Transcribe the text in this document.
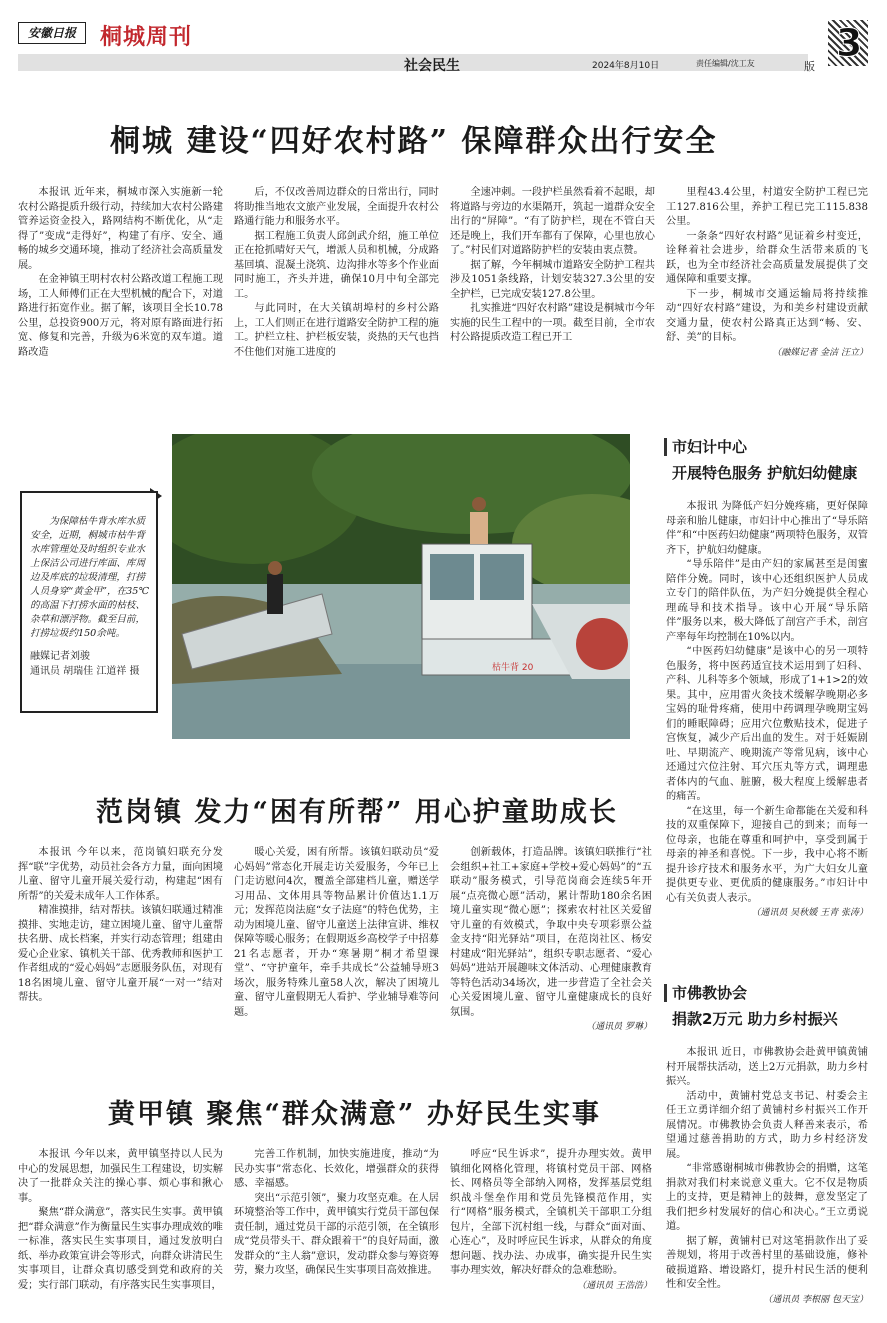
安徽日报	桐城周刊
社会民生	2024年8月10日	责任编辑/沈工友	版
3
桐城 建设“四好农村路” 保障群众出行安全

本报讯 近年来，桐城市深入实施新一轮农村公路提质升级行动，持续加大农村公路建管养运资金投入，路网结构不断优化，从“走得了”变成“走得好”，构建了有序、安全、通畅的城乡交通环境，推动了经济社会高质量发展。

在金神镇王明村农村公路改道工程施工现场，工人师傅们正在大型机械的配合下，对道路进行拓宽作业。据了解，该项目全长10.78公里，总投资900万元，将对原有路面进行拓宽、修复和完善，升级为6米宽的双车道。道路改造

后，不仅改善周边群众的日常出行，同时将助推当地农文旅产业发展，全面提升农村公路通行能力和服务水平。

据工程施工负责人邱剑武介绍，施工单位正在抢抓晴好天气，增派人员和机械，分成路基回填、混凝土浇筑、边沟排水等多个作业面同时施工，齐头并进，确保10月中旬全部完工。

与此同时，在大关镇胡埠村的乡村公路上，工人们则正在进行道路安全防护工程的施工。护栏立柱、护栏板安装，炎热的天气也挡不住他们对施工进度的

全速冲刺。一段护栏虽然看着不起眼，却将道路与旁边的水渠隔开，筑起一道群众安全出行的“屏障”。“有了防护栏，现在不管白天还是晚上，我们开车都有了保障，心里也放心了。”村民们对道路防护栏的安装由衷点赞。

据了解，今年桐城市道路安全防护工程共涉及1051条线路，计划安装327.3公里的安全护栏，已完成安装127.8公里。

扎实推进“四好农村路”建设是桐城市今年实施的民生工程中的一项。截至目前，全市农村公路提质改造工程已开工

里程43.4公里，村道安全防护工程已完工127.816公里，养护工程已完工115.838公里。

一条条“四好农村路”见证着乡村变迁，诠释着社会进步，给群众生活带来质的飞跃，也为全市经济社会高质量发展提供了交通保障和重要支撑。

下一步，桐城市交通运输局将持续推动“四好农村路”建设，为和美乡村建设贡献交通力量，使农村公路真正达到“畅、安、舒、美”的目标。

（融媒记者 金洁 汪立）
枯牛背 20

为保障枯牛背水库水质安全，近期，桐城市枯牛背水库管理处及时组织专业水上保洁公司进行库面、库周边及库底的垃圾清理，打捞人员身穿“黄金甲”，在35℃的高温下打捞水面的枯枝、杂草和漂浮物。截至目前，打捞垃圾约150余吨。

融媒记者刘骏
通讯员 胡瑞佳 江道祥 摄
范岗镇 发力“困有所帮” 用心护童助成长

本报讯 今年以来，范岗镇妇联充分发挥“联”字优势，动员社会各方力量，面向困境儿童、留守儿童开展关爱行动，构建起“困有所帮”的关爱未成年人工作体系。

精准摸排，结对帮扶。该镇妇联通过精准摸排、实地走访，建立困境儿童、留守儿童帮扶名册、成长档案，并实行动态管理；组建由爱心企业家、镇机关干部、优秀教师和医护工作者组成的“爱心妈妈”志愿服务队伍，对现有18名困境儿童、留守儿童开展“一对一”结对帮扶。

暖心关爱，困有所帮。该镇妇联动员“爱心妈妈”常态化开展走访关爱服务，今年已上门走访慰问4次，覆盖全部建档儿童，赠送学习用品、文体用具等物品累计价值达1.1万元；发挥范岗法庭“女子法庭”的特色优势，主动为困境儿童、留守儿童送上法律宣讲、维权保障等暖心服务；在假期返乡高校学子中招募21名志愿者，开办“寒暑期”桐才希望课堂”、“守护童年，牵手共成长”公益辅导班3场次，服务特殊儿童58人次，解决了困境儿童、留守儿童假期无人看护、学业辅导难等问题。

创新载体，打造品牌。该镇妇联推行“社会组织+社工+家庭+学校+爱心妈妈”的“五联动”服务模式，引导范岗商会连续5年开展“点亮微心愿”活动，累计帮助180余名困境儿童实现“微心愿”；探索农村社区关爱留守儿童的有效模式，争取中央专项彩票公益金支持“阳光驿站”项目，在范岗社区、杨安村建成“阳光驿站”，组织专职志愿者、“爱心妈妈”进站开展趣味文体活动、心理健康教育等特色活动34场次，进一步营造了全社会关心关爱困境儿童、留守儿童健康成长的良好氛围。

（通讯员 罗琳）
黄甲镇 聚焦“群众满意” 办好民生实事

本报讯 今年以来，黄甲镇坚持以人民为中心的发展思想，加强民生工程建设，切实解决了一批群众关注的操心事、烦心事和揪心事。

聚焦“群众满意”，落实民生实事。黄甲镇把“群众满意”作为衡量民生实事办理成效的唯一标准，落实民生实事项目，通过发放明白纸、举办政策宣讲会等形式，向群众讲清民生实事项目，让群众真切感受到党和政府的关爱；实行部门联动，有序落实民生实事项目，

完善工作机制，加快实施进度，推动“为民办实事”常态化、长效化，增强群众的获得感、幸福感。

突出“示范引领”，聚力攻坚克难。在人居环境整治等工作中，黄甲镇实行党员干部包保责任制，通过党员干部的示范引领，在全镇形成“党员带头干、群众跟着干”的良好局面，激发群众的“主人翁”意识，发动群众参与筹资筹劳，聚力攻坚，确保民生实事项目高效推进。

呼应“民生诉求”，提升办理实效。黄甲镇细化网格化管理，将镇村党员干部、网格长、网格员等全部纳入网格，发挥基层党组织战斗堡垒作用和党员先锋模范作用，实行“网格”服务模式，全镇机关干部职工分组包片，全部下沉村组一线，与群众“面对面、心连心”，及时呼应民生诉求，从群众的角度想问题、找办法、办成事，确实提升民生实事办理实效，解决好群众的急难愁盼。

（通讯员 王浩浩）
市妇计中心
开展特色服务 护航妇幼健康

本报讯 为降低产妇分娩疼痛，更好保障母亲和胎儿健康，市妇计中心推出了“导乐陪伴”和“中医药妇幼健康”两项特色服务，双管齐下，护航妇幼健康。

“导乐陪伴”是由产妇的家属甚至是闺蜜陪伴分娩。同时，该中心还组织医护人员成立专门的陪伴队伍，为产妇分娩提供全程心理疏导和技术指导。该中心开展“导乐陪伴”服务以来，极大降低了剖宫产手术，剖宫产率每年均控制在10%以内。

“中医药妇幼健康”是该中心的另一项特色服务，将中医药适宜技术运用到了妇科、产科、儿科等多个领域，形成了1+1>2的效果。其中，应用雷火灸技术缓解孕晚期必多宝妈的耻骨疼痛，使用中药调理孕晚期宝妈们的睡眠障碍；应用穴位敷贴技术，促进子宫恢复，减少产后出血的发生。对于妊娠剧吐、早期流产、晚期流产等常见病，该中心还通过穴位注射、耳穴压丸等方式，调理患者体内的气血、脏腑，极大程度上缓解患者的痛苦。

“在这里，每一个新生命都能在关爱和科技的双重保障下，迎接自己的到来；而每一位母亲，也能在尊重和呵护中，享受到属于母亲的神圣和喜悦。下一步，我中心将不断提升诊疗技术和服务水平，为广大妇女儿童提供更专业、更优质的健康服务。”市妇计中心有关负责人表示。

（通讯员 吴秋媛 王青 张涛）
市佛教协会
捐款2万元 助力乡村振兴

本报讯 近日，市佛教协会赴黄甲镇黄铺村开展帮扶活动，送上2万元捐款，助力乡村振兴。

活动中，黄铺村党总支书记、村委会主任王立勇详细介绍了黄铺村乡村振兴工作开展情况。市佛教协会负责人释善来表示，希望通过慈善捐助的方式，助力乡村经济发展。

“非常感谢桐城市佛教协会的捐赠，这笔捐款对我们村来说意义重大。它不仅是物质上的支持，更是精神上的鼓舞，意发坚定了我们把乡村发展好的信心和决心。”王立勇说道。

据了解，黄铺村已对这笔捐款作出了妥善规划，将用于改善村里的基础设施，修补破损道路、增设路灯，提升村民生活的便利性和安全性。

（通讯员 李根丽 包天宝）
